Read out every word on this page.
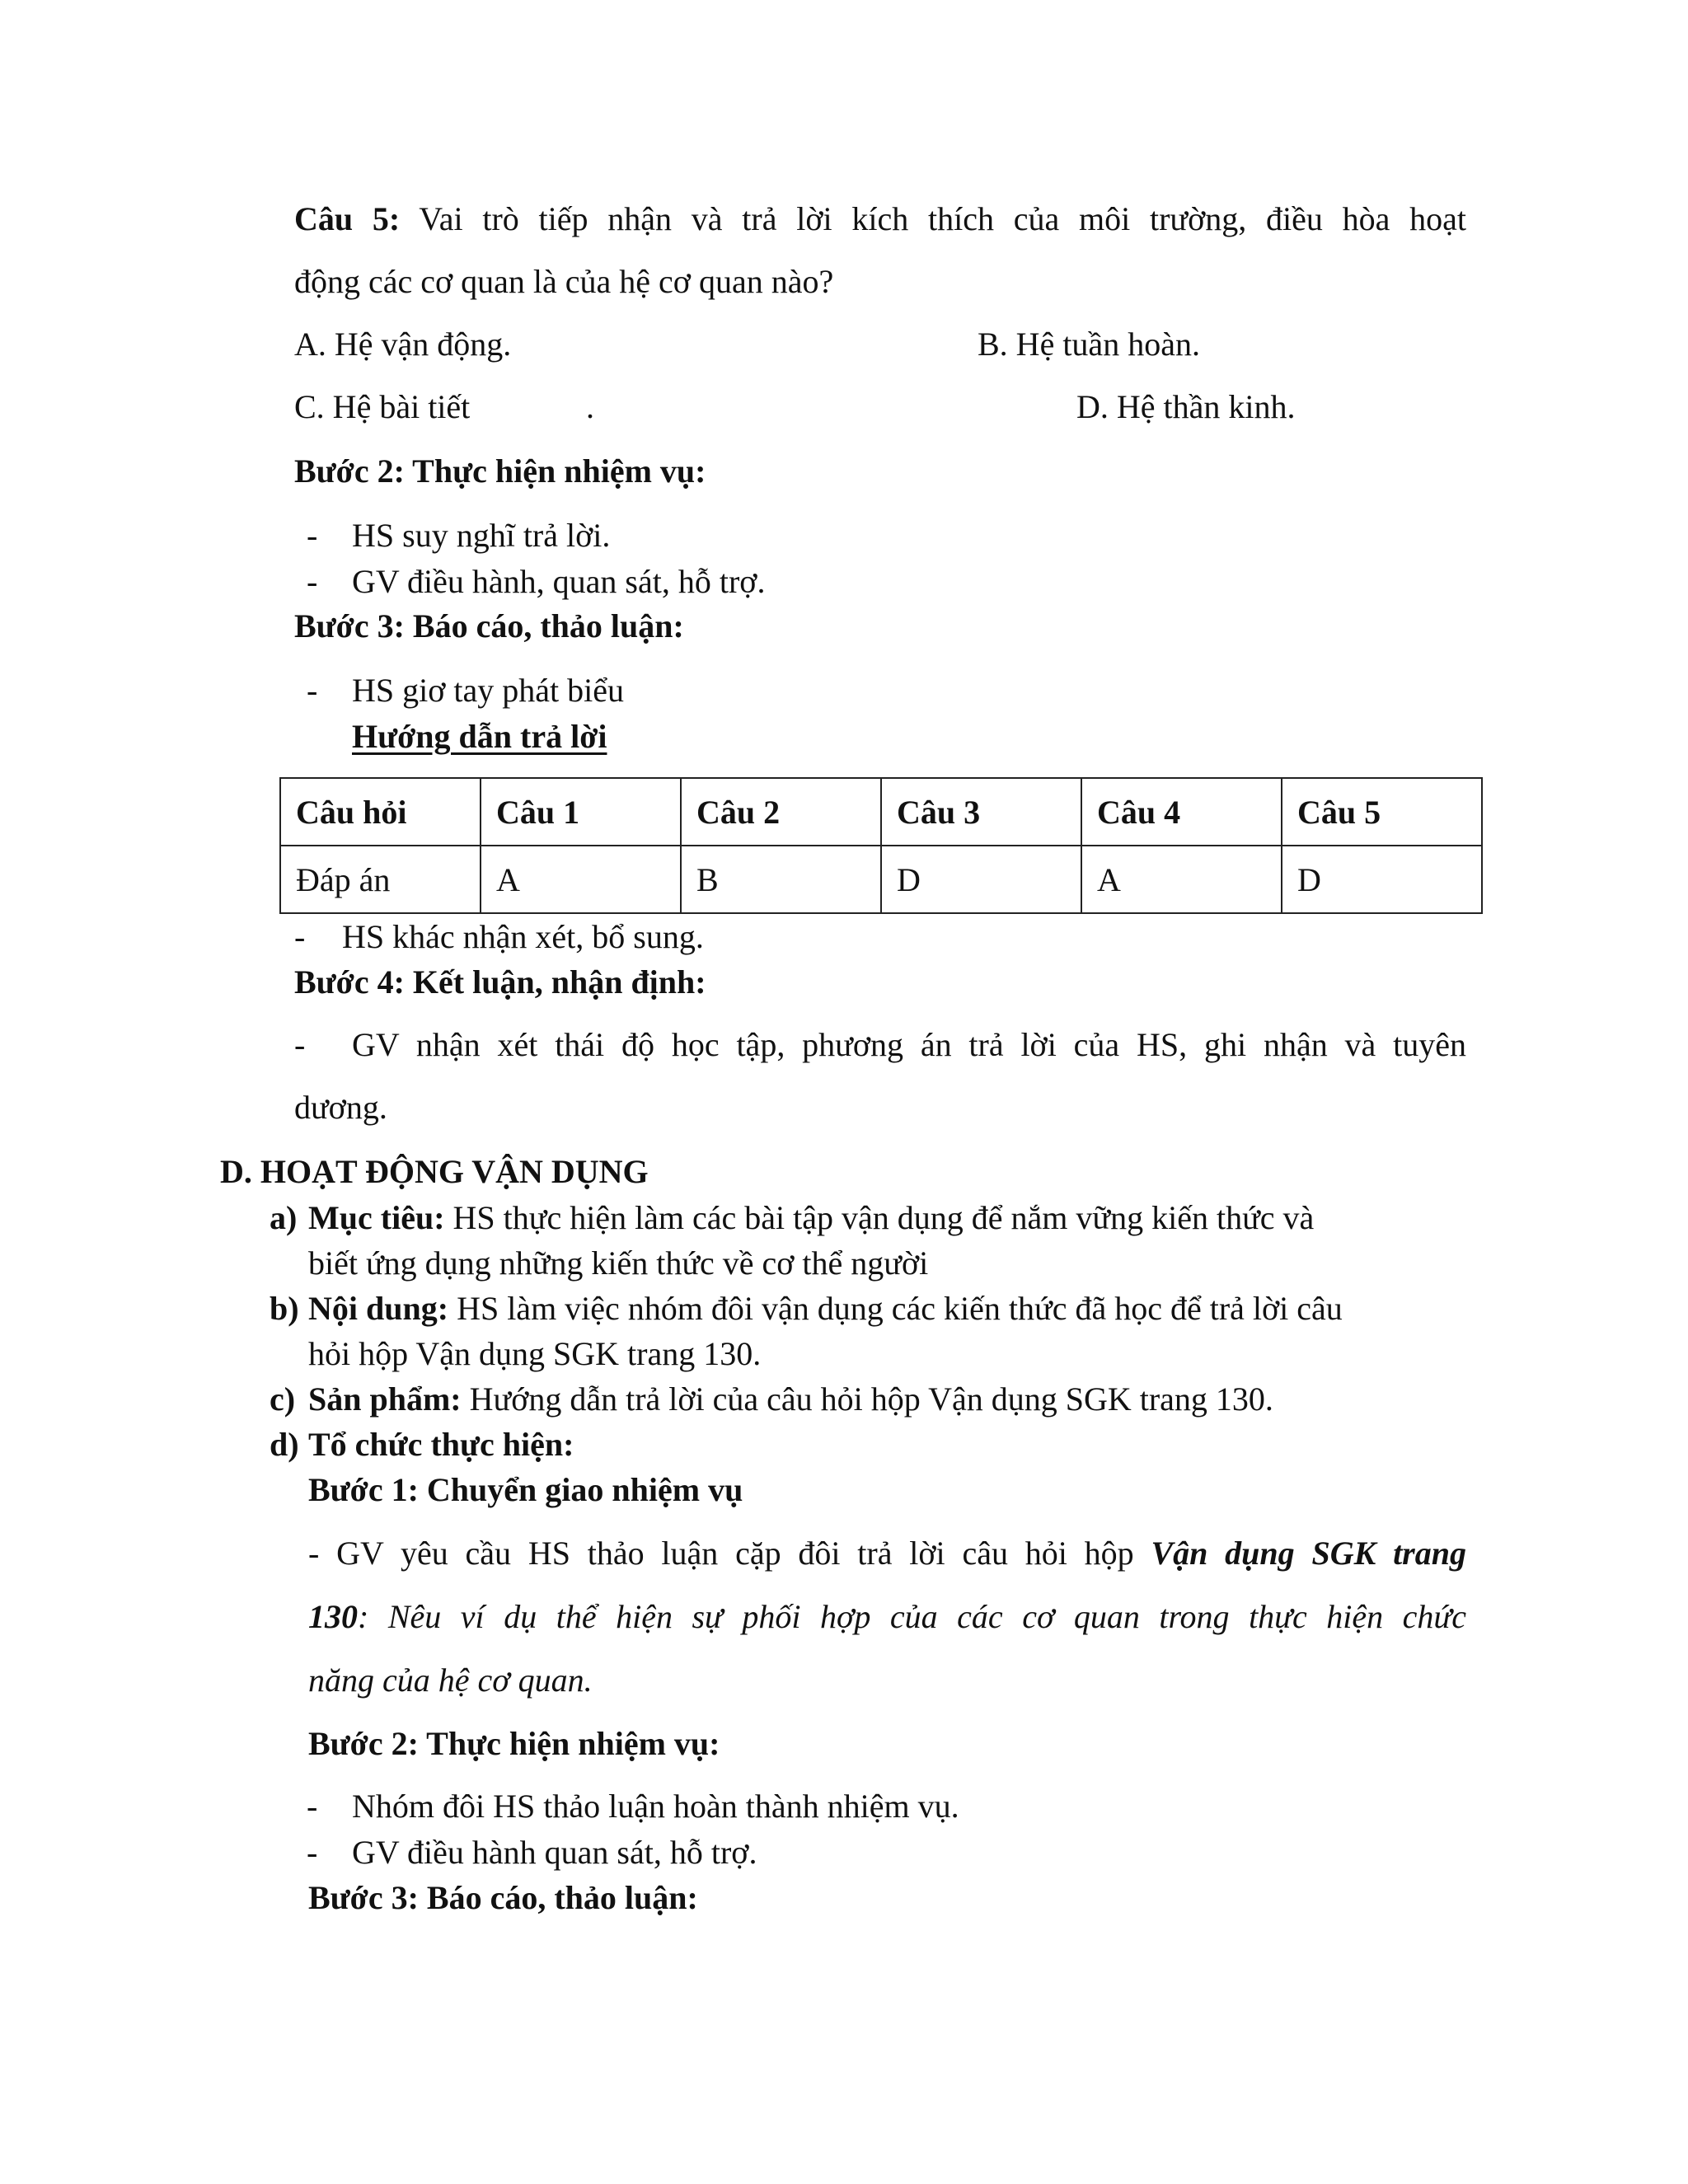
Câu 5: Vai trò tiếp nhận và trả lời kích thích của môi trường, điều hòa hoạt
động các cơ quan là của hệ cơ quan nào?
A. Hệ vận động.	B. Hệ tuần hoàn.
C. Hệ bài tiết	.	D. Hệ thần kinh.
Bước 2: Thực hiện nhiệm vụ:
- HS suy nghĩ trả lời.
- GV điều hành, quan sát, hỗ trợ.
Bước 3: Báo cáo, thảo luận:
- HS giơ tay phát biểu
Hướng dẫn trả lời
Câu hỏi	Câu 1	Câu 2	Câu 3	Câu 4	Câu 5
Đáp án	A	B	D	A	D
- HS khác nhận xét, bổ sung.
Bước 4: Kết luận, nhận định:
- GV nhận xét thái độ học tập, phương án trả lời của HS, ghi nhận và tuyên
dương.
D. HOẠT ĐỘNG VẬN DỤNG
a) Mục tiêu: HS thực hiện làm các bài tập vận dụng để nắm vững kiến thức và
biết ứng dụng những kiến thức về cơ thể người
b) Nội dung: HS làm việc nhóm đôi vận dụng các kiến thức đã học để trả lời câu
hỏi hộp Vận dụng SGK trang 130.
c) Sản phẩm: Hướng dẫn trả lời của câu hỏi hộp Vận dụng SGK trang 130.
d) Tổ chức thực hiện:
Bước 1: Chuyển giao nhiệm vụ
- GV yêu cầu HS thảo luận cặp đôi trả lời câu hỏi hộp Vận dụng SGK trang
130: Nêu ví dụ thể hiện sự phối hợp của các cơ quan trong thực hiện chức
năng của hệ cơ quan.
Bước 2: Thực hiện nhiệm vụ:
- Nhóm đôi HS thảo luận hoàn thành nhiệm vụ.
- GV điều hành quan sát, hỗ trợ.
Bước 3: Báo cáo, thảo luận:
